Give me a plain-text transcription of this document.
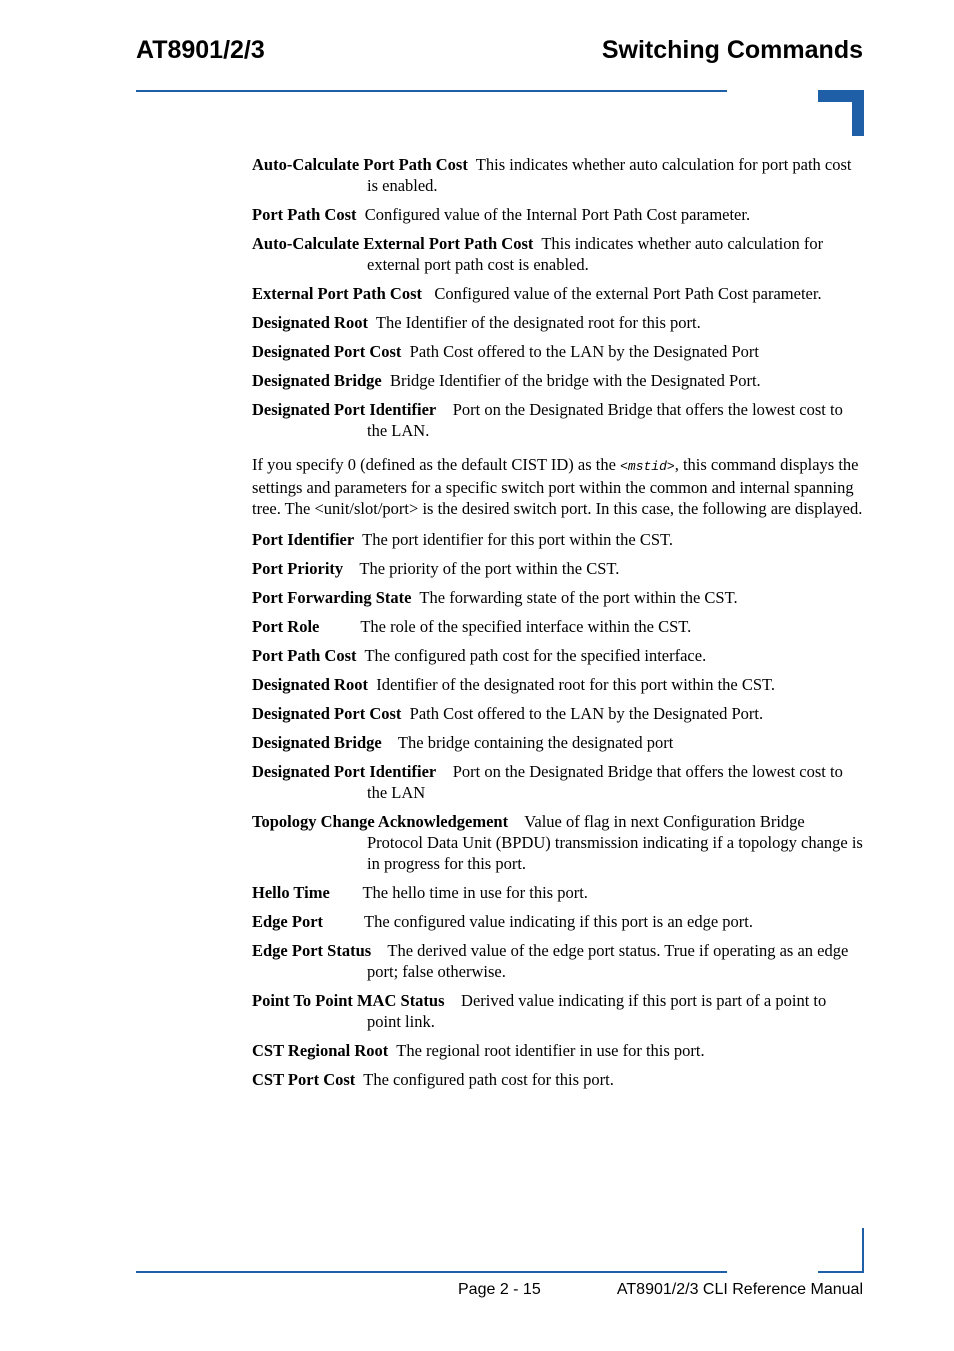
AT8901/2/3	Switching Commands

Auto-Calculate Port Path Cost This indicates whether auto calculation for port path cost is enabled.

Port Path Cost Configured value of the Internal Port Path Cost parameter.

Auto-Calculate External Port Path Cost This indicates whether auto calculation for external port path cost is enabled.

External Port Path Cost Configured value of the external Port Path Cost parameter.

Designated Root The Identifier of the designated root for this port.

Designated Port Cost Path Cost offered to the LAN by the Designated Port

Designated Bridge Bridge Identifier of the bridge with the Designated Port.

Designated Port Identifier Port on the Designated Bridge that offers the lowest cost to the LAN.

If you specify 0 (defined as the default CIST ID) as the <mstid>, this command displays the settings and parameters for a specific switch port within the common and internal spanning tree. The <unit/slot/port> is the desired switch port. In this case, the following are displayed.

Port Identifier The port identifier for this port within the CST.

Port Priority The priority of the port within the CST.

Port Forwarding State The forwarding state of the port within the CST.

Port Role The role of the specified interface within the CST.

Port Path Cost The configured path cost for the specified interface.

Designated Root Identifier of the designated root for this port within the CST.

Designated Port Cost Path Cost offered to the LAN by the Designated Port.

Designated Bridge The bridge containing the designated port

Designated Port Identifier Port on the Designated Bridge that offers the lowest cost to the LAN

Topology Change Acknowledgement Value of flag in next Configuration Bridge Protocol Data Unit (BPDU) transmission indicating if a topology change is in progress for this port.

Hello Time The hello time in use for this port.

Edge Port The configured value indicating if this port is an edge port.

Edge Port Status The derived value of the edge port status. True if operating as an edge port; false otherwise.

Point To Point MAC Status Derived value indicating if this port is part of a point to point link.

CST Regional Root The regional root identifier in use for this port.

CST Port Cost The configured path cost for this port.

Page 2 - 15	AT8901/2/3 CLI Reference Manual
